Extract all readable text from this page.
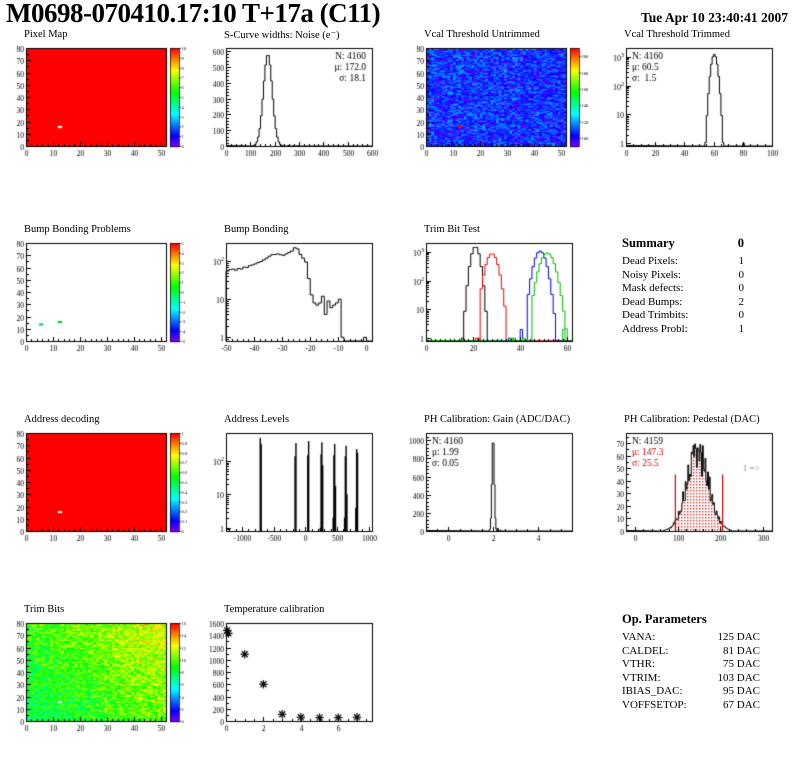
M0698-070410.17:10 T+17a (C11)	Tue Apr 10 23:40:41 2007
Pixel Map	S-Curve widths: Noise (e⁻)	Vcal Threshold Untrimmed	Vcal Threshold Trimmed
Bump Bonding Problems	Bump Bonding	Trim Bit Test
Summary	0
Dead Pixels:	1
Noisy Pixels:	0
Mask defects:	0
Dead Bumps:	2
Dead Trimbits:	0
Address Probl:	1
Address decoding	Address Levels	PH Calibration: Gain (ADC/DAC)	PH Calibration: Pedestal (DAC)
Trim Bits	Temperature calibration
Op. Parameters
VANA:	125 DAC
CALDEL:	81 DAC
VTHR:	75 DAC
VTRIM:	103 DAC
IBIAS_DAC:	95 DAC
VOFFSETOP:	67 DAC
